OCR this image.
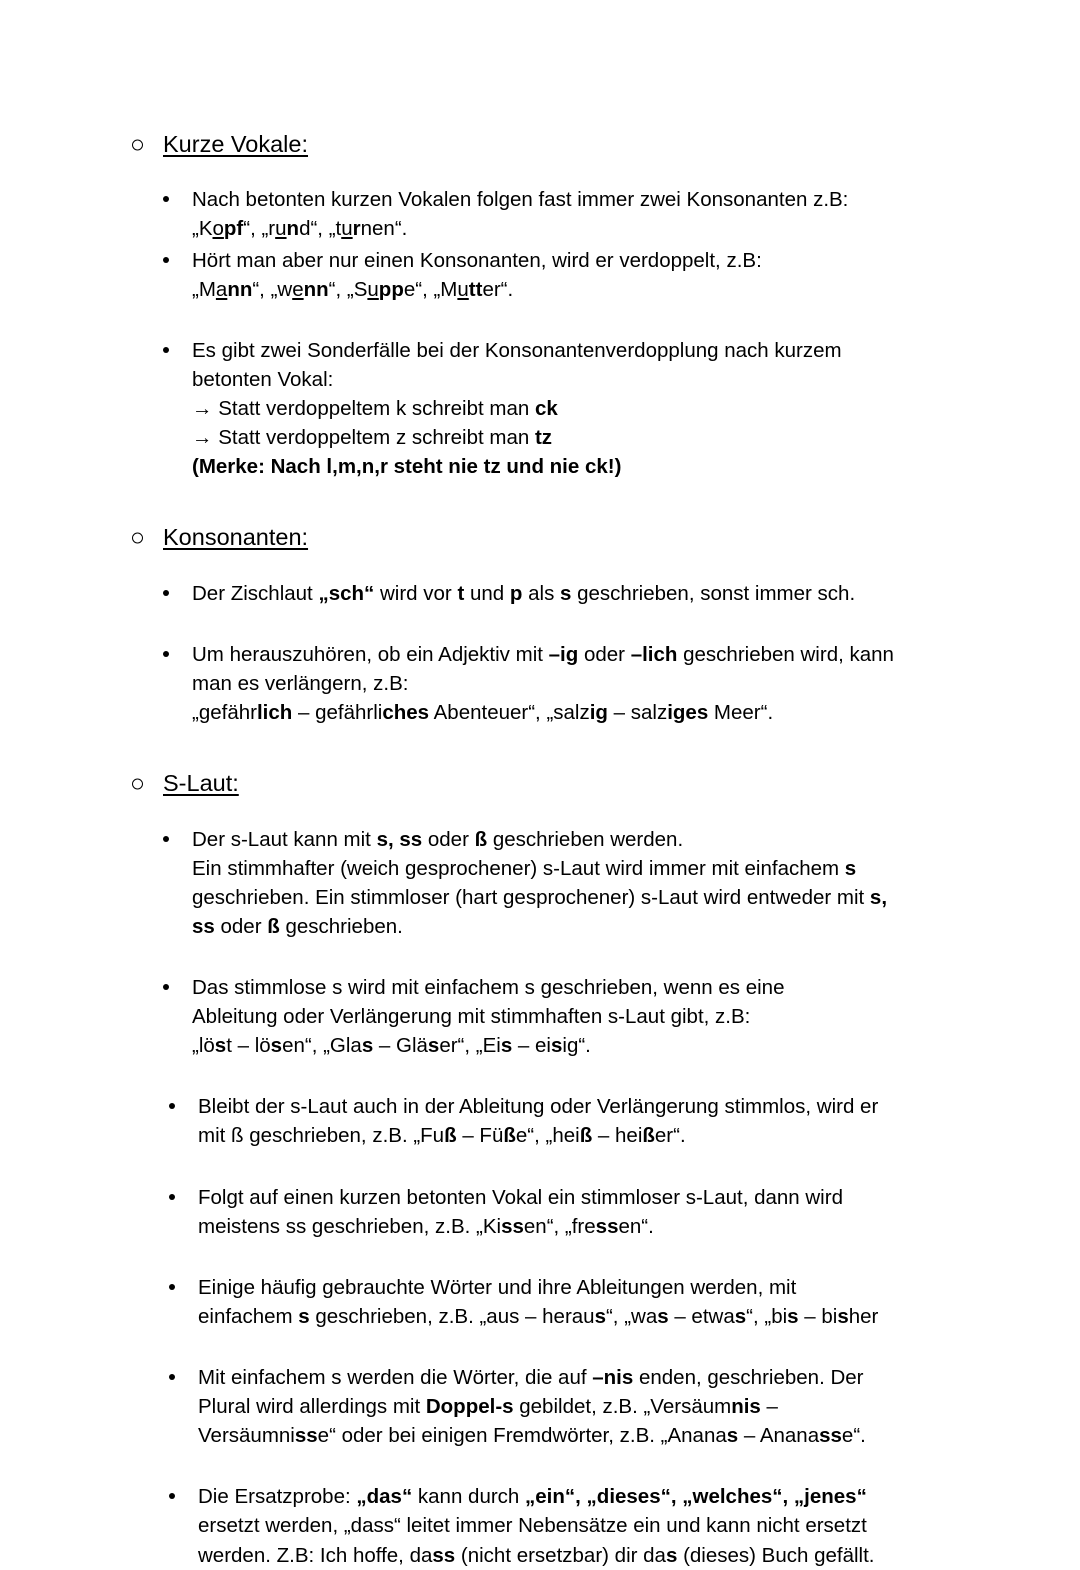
Kurze Vokale:
Nach betonten kurzen Vokalen folgen fast immer zwei Konsonanten z.B:
„Kopf“, „rund“, „turnen“.
Hört man aber nur einen Konsonanten, wird er verdoppelt, z.B:
„Mann“, „wenn“, „Suppe“, „Mutter“.
Es gibt zwei Sonderfälle bei der Konsonantenverdopplung nach kurzem
betonten Vokal:
→ Statt verdoppeltem k schreibt man ck
→ Statt verdoppeltem z schreibt man tz
(Merke: Nach l,m,n,r steht nie tz und nie ck!)
Konsonanten:
Der Zischlaut „sch“ wird vor t und p als s geschrieben, sonst immer sch.
Um herauszuhören, ob ein Adjektiv mit –ig oder –lich geschrieben wird, kann
man es verlängern, z.B:
„gefährlich – gefährliches Abenteuer“, „salzig – salziges Meer“.
S-Laut:
Der s-Laut kann mit s, ss oder ß geschrieben werden.
Ein stimmhafter (weich gesprochener) s-Laut wird immer mit einfachem s
geschrieben. Ein stimmloser (hart gesprochener) s-Laut wird entweder mit s,
ss oder ß geschrieben.
Das stimmlose s wird mit einfachem s geschrieben, wenn es eine
Ableitung oder Verlängerung mit stimmhaften s-Laut gibt, z.B:
„löst – lösen“, „Glas – Gläser“, „Eis – eisig“.
Bleibt der s-Laut auch in der Ableitung oder Verlängerung stimmlos, wird er
mit ß geschrieben, z.B. „Fuß – Füße“, „heiß – heißer“.
Folgt auf einen kurzen betonten Vokal ein stimmloser s-Laut, dann wird
meistens ss geschrieben, z.B. „Kissen“, „fressen“.
Einige häufig gebrauchte Wörter und ihre Ableitungen werden, mit
einfachem s geschrieben, z.B. „aus – heraus“, „was – etwas“, „bis – bisher
Mit einfachem s werden die Wörter, die auf –nis enden, geschrieben. Der
Plural wird allerdings mit Doppel-s gebildet, z.B. „Versäumnis –
Versäumnisse“ oder bei einigen Fremdwörter, z.B. „Ananas – Ananasse“.
Die Ersatzprobe: „das“ kann durch „ein“, „dieses“, „welches“, „jenes“
ersetzt werden, „dass“ leitet immer Nebensätze ein und kann nicht ersetzt
werden. Z.B: Ich hoffe, dass (nicht ersetzbar) dir das (dieses) Buch gefällt.
